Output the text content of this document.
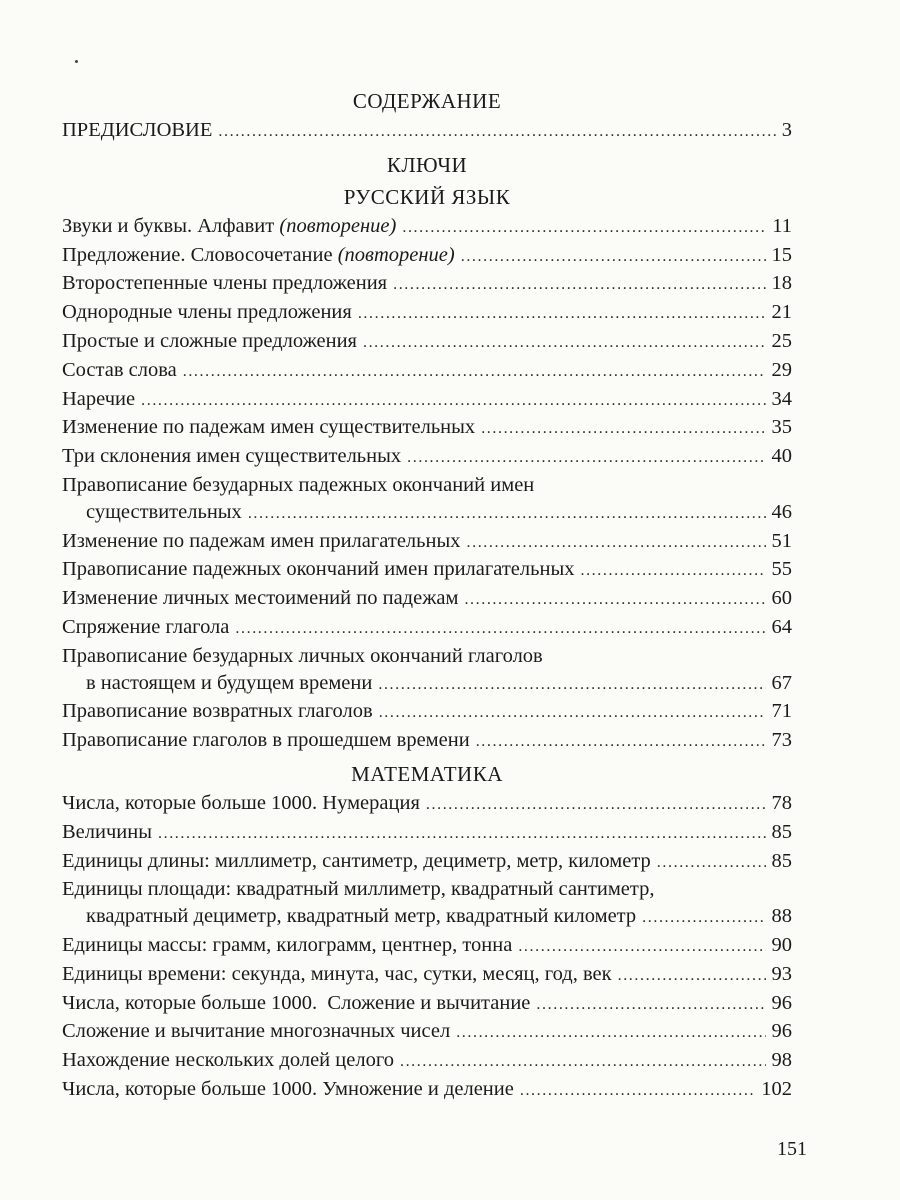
СОДЕРЖАНИЕ
ПРЕДИСЛОВИЕ .....	3
КЛЮЧИ
РУССКИЙ ЯЗЫК
Звуки и буквы. Алфавит (повторение) .....	11
Предложение. Словосочетание (повторение) .....	15
Второстепенные члены предложения .....	18
Однородные члены предложения .....	21
Простые и сложные предложения .....	25
Состав слова .....	29
Наречие .....	34
Изменение по падежам имен существительных .....	35
Три склонения имен существительных .....	40
Правописание безударных падежных окончаний имен
существительных .....	46
Изменение по падежам имен прилагательных .....	51
Правописание падежных окончаний имен прилагательных .....	55
Изменение личных местоимений по падежам .....	60
Спряжение глагола .....	64
Правописание безударных личных окончаний глаголов
в настоящем и будущем времени .....	67
Правописание возвратных глаголов .....	71
Правописание глаголов в прошедшем времени .....	73
МАТЕМАТИКА
Числа, которые больше 1000. Нумерация .....	78
Величины .....	85
Единицы длины: миллиметр, сантиметр, дециметр, метр, километр .....	85
Единицы площади: квадратный миллиметр, квадратный сантиметр,
квадратный дециметр, квадратный метр, квадратный километр .....	88
Единицы массы: грамм, килограмм, центнер, тонна .....	90
Единицы времени: секунда, минута, час, сутки, месяц, год, век .....	93
Числа, которые больше 1000.  Сложение и вычитание .....	96
Сложение и вычитание многозначных чисел .....	96
Нахождение нескольких долей целого .....	98
Числа, которые больше 1000. Умножение и деление .....	102
151
